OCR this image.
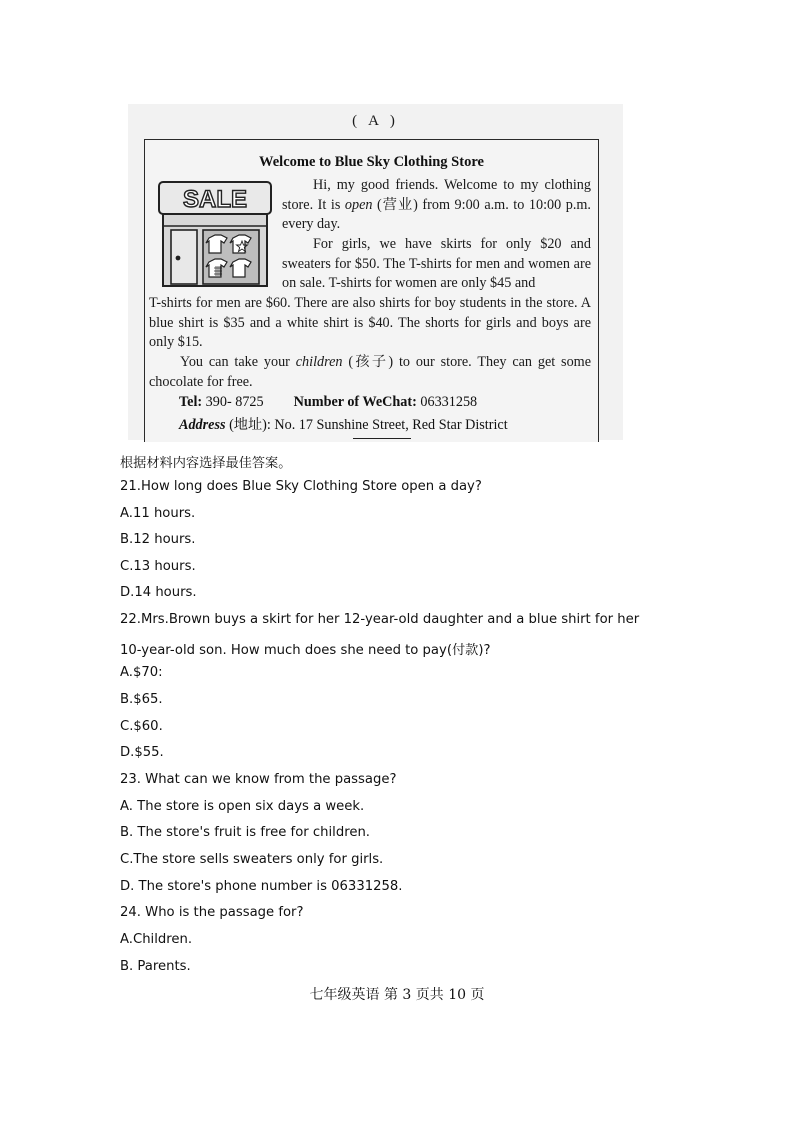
( A )
Welcome to Blue Sky Clothing Store
SALE
Hi, my good friends. Welcome to my clothing store. It is open (营业) from 9:00 a.m. to 10:00 p.m. every day.
For girls, we have skirts for only $20 and sweaters for $50. The T-shirts for men and women are on sale. T-shirts for women are only $45 and
T-shirts for men are $60. There are also shirts for boy students in the store. A blue shirt is $35 and a white shirt is $40. The shorts for girls and boys are only $15.
You can take your children (孩子) to our store. They can get some chocolate for free.
Tel: 390- 8725 Number of WeChat: 06331258
Address (地址): No. 17 Sunshine Street, Red Star District
根据材料内容选择最佳答案。
21.How long does Blue Sky Clothing Store open a day?
A.11 hours.
B.12 hours.
C.13 hours.
D.14 hours.
22.Mrs.Brown buys a skirt for her 12-year-old daughter and a blue shirt for her
10-year-old son. How much does she need to pay(付款)?
A.$70:
B.$65.
C.$60.
D.$55.
23. What can we know from the passage?
A. The store is open six days a week.
B. The store's fruit is free for children.
C.The store sells sweaters only for girls.
D. The store's phone number is 06331258.
24. Who is the passage for?
A.Children.
B. Parents.
七年级英语 第 3 页共 10 页
